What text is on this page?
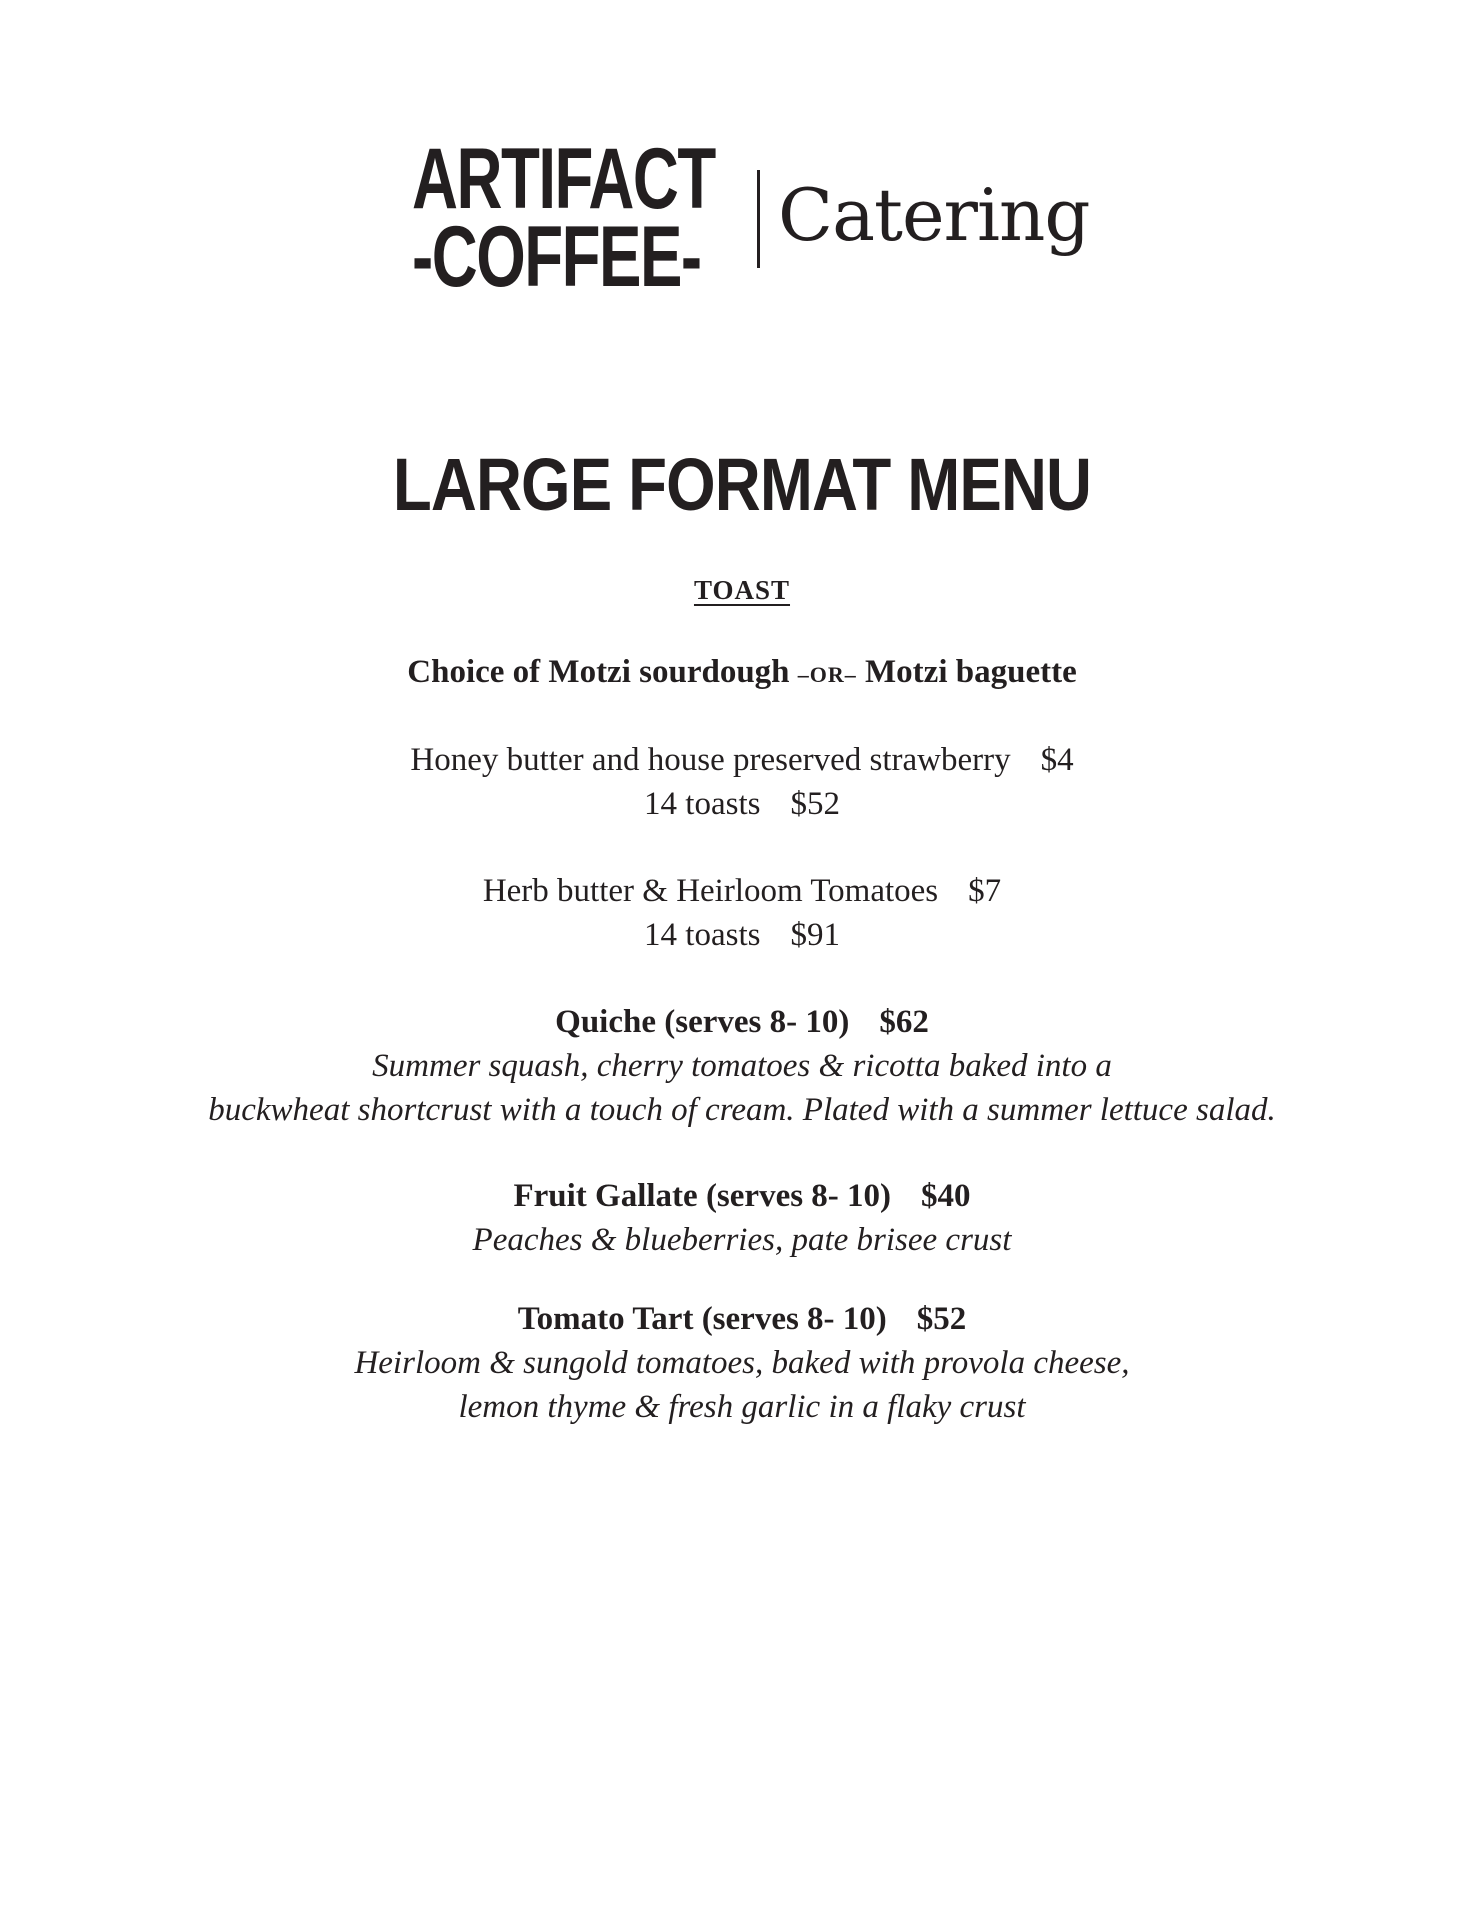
ARTIFACT
-COFFEE- Catering
LARGE FORMAT MENU
TOAST
Choice of Motzi sourdough –OR– Motzi baguette
Honey butter and house preserved strawberry $4
14 toasts $52
Herb butter & Heirloom Tomatoes $7
14 toasts $91
Quiche (serves 8- 10) $62
Summer squash, cherry tomatoes & ricotta baked into a
buckwheat shortcrust with a touch of cream. Plated with a summer lettuce salad.
Fruit Gallate (serves 8- 10) $40
Peaches & blueberries, pate brisee crust
Tomato Tart (serves 8- 10) $52
Heirloom & sungold tomatoes, baked with provola cheese,
lemon thyme & fresh garlic in a flaky crust
